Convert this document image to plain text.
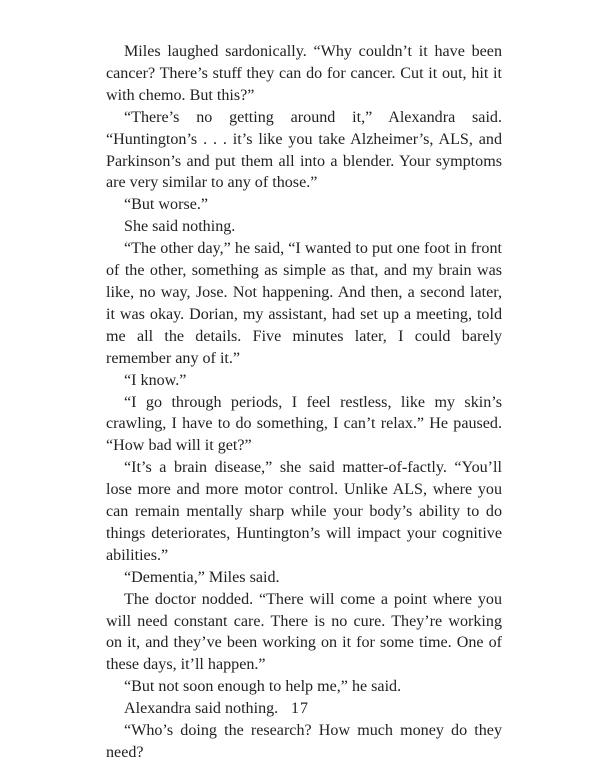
Miles laughed sardonically. “Why couldn’t it have been cancer? There’s stuff they can do for cancer. Cut it out, hit it with chemo. But this?”

“There’s no getting around it,” Alexandra said. “Huntington’s . . . it’s like you take Alzheimer’s, ALS, and Parkinson’s and put them all into a blender. Your symptoms are very similar to any of those.”

“But worse.”

She said nothing.

“The other day,” he said, “I wanted to put one foot in front of the other, something as simple as that, and my brain was like, no way, Jose. Not happening. And then, a second later, it was okay. Dorian, my assistant, had set up a meeting, told me all the details. Five minutes later, I could barely remember any of it.”

“I know.”

“I go through periods, I feel restless, like my skin’s crawling, I have to do something, I can’t relax.” He paused. “How bad will it get?”

“It’s a brain disease,” she said matter-of-factly. “You’ll lose more and more motor control. Unlike ALS, where you can remain mentally sharp while your body’s ability to do things deteriorates, Huntington’s will impact your cognitive abilities.”

“Dementia,” Miles said.

The doctor nodded. “There will come a point where you will need constant care. There is no cure. They’re working on it, and they’ve been working on it for some time. One of these days, it’ll happen.”

“But not soon enough to help me,” he said.

Alexandra said nothing.

“Who’s doing the research? How much money do they need?

17
